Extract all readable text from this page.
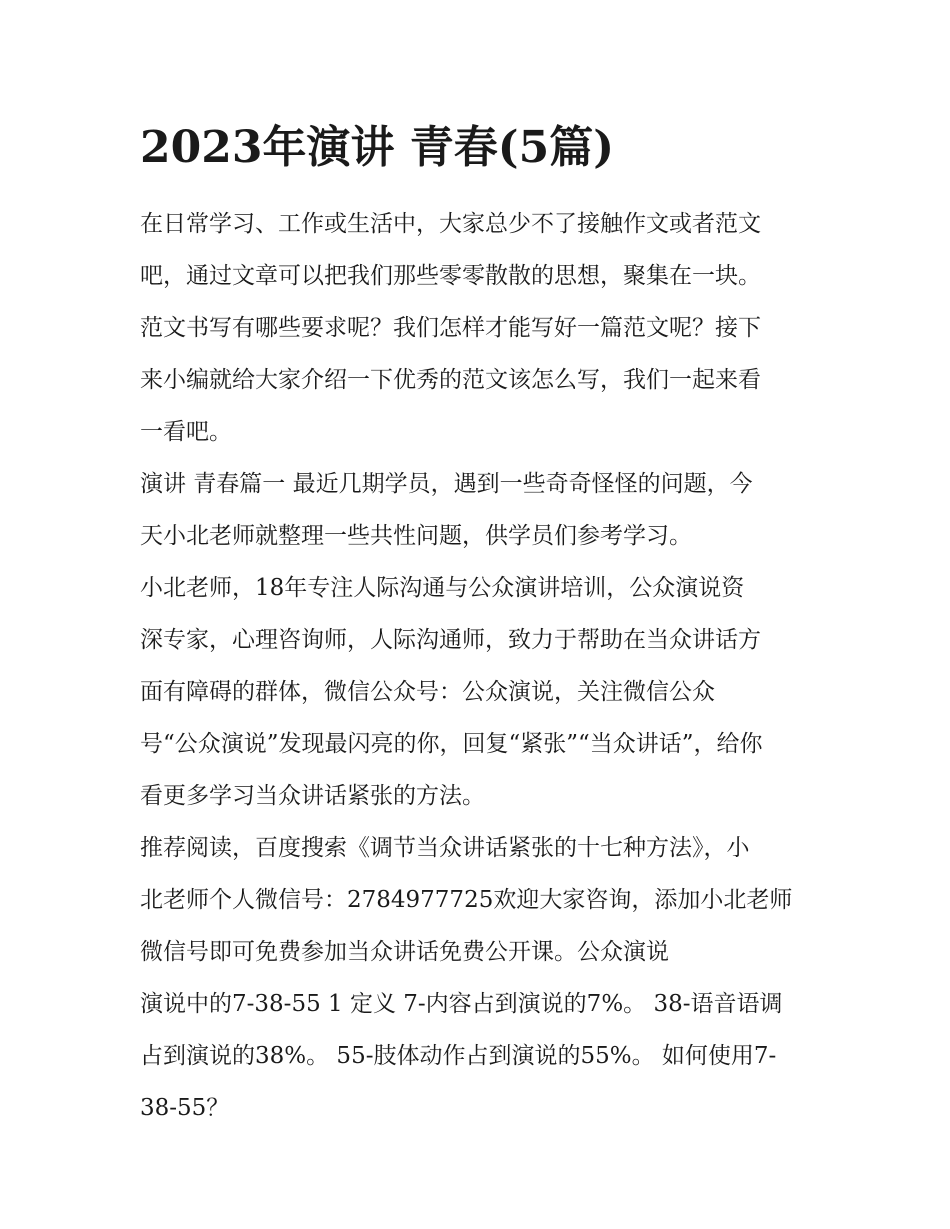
2023年演讲 青春(5篇)
在日常学习、工作或生活中，大家总少不了接触作文或者范文
吧，通过文章可以把我们那些零零散散的思想，聚集在一块。
范文书写有哪些要求呢？我们怎样才能写好一篇范文呢？接下
来小编就给大家介绍一下优秀的范文该怎么写，我们一起来看
一看吧。
演讲 青春篇一 最近几期学员，遇到一些奇奇怪怪的问题，今
天小北老师就整理一些共性问题，供学员们参考学习。
小北老师，18年专注人际沟通与公众演讲培训，公众演说资
深专家，心理咨询师，人际沟通师，致力于帮助在当众讲话方
面有障碍的群体，微信公众号：公众演说，关注微信公众
号“公众演说”发现最闪亮的你，回复“紧张”“当众讲话”，给你
看更多学习当众讲话紧张的方法。
推荐阅读，百度搜索《调节当众讲话紧张的十七种方法》，小
北老师个人微信号：2784977725欢迎大家咨询，添加小北老师
微信号即可免费参加当众讲话免费公开课。公众演说
演说中的7-38-55 1 定义 7-内容占到演说的7%。 38-语音语调
占到演说的38%。 55-肢体动作占到演说的55%。 如何使用7-
38-55？
